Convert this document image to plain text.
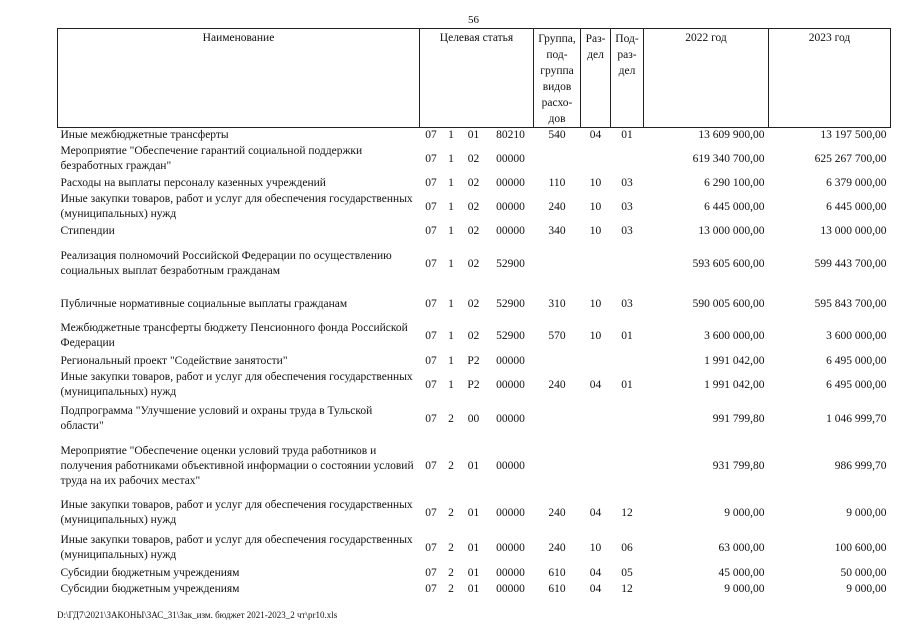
56
Наименование	Целевая статья				Группа, под- группа видов расхо- дов	Раз- дел	Под- раз- дел	2022 год	2023 год
Иные межбюджетные трансферты	07	1	01	80210	540	04	01	13 609 900,00	13 197 500,00
Мероприятие "Обеспечение гарантий социальной поддержки безработных граждан"	07	1	02	00000				619 340 700,00	625 267 700,00
Расходы на выплаты персоналу казенных учреждений	07	1	02	00000	110	10	03	6 290 100,00	6 379 000,00
Иные закупки товаров, работ и услуг для обеспечения государственных (муниципальных) нужд	07	1	02	00000	240	10	03	6 445 000,00	6 445 000,00
Стипендии	07	1	02	00000	340	10	03	13 000 000,00	13 000 000,00
Реализация полномочий Российской Федерации по осуществлению социальных выплат безработным гражданам	07	1	02	52900				593 605 600,00	599 443 700,00
Публичные нормативные социальные выплаты гражданам	07	1	02	52900	310	10	03	590 005 600,00	595 843 700,00
Межбюджетные трансферты бюджету Пенсионного фонда Российской Федерации	07	1	02	52900	570	10	01	3 600 000,00	3 600 000,00
Региональный проект "Содействие занятости"	07	1	P2	00000				1 991 042,00	6 495 000,00
Иные закупки товаров, работ и услуг для обеспечения государственных (муниципальных) нужд	07	1	P2	00000	240	04	01	1 991 042,00	6 495 000,00
Подпрограмма "Улучшение условий и охраны труда в Тульской области"	07	2	00	00000				991 799,80	1 046 999,70
Мероприятие "Обеспечение оценки условий труда работников и получения работниками объективной информации о состоянии условий труда на их рабочих местах"	07	2	01	00000				931 799,80	986 999,70
Иные закупки товаров, работ и услуг для обеспечения государственных (муниципальных) нужд	07	2	01	00000	240	04	12	9 000,00	9 000,00
Иные закупки товаров, работ и услуг для обеспечения государственных (муниципальных) нужд	07	2	01	00000	240	10	06	63 000,00	100 600,00
Субсидии бюджетным учреждениям	07	2	01	00000	610	04	05	45 000,00	50 000,00
Субсидии бюджетным учреждениям	07	2	01	00000	610	04	12	9 000,00	9 000,00
D:\ГД7\2021\ЗАКОНЫ\ЗАС_31\Зак_изм. бюджет 2021-2023_2 чт\pr10.xls
